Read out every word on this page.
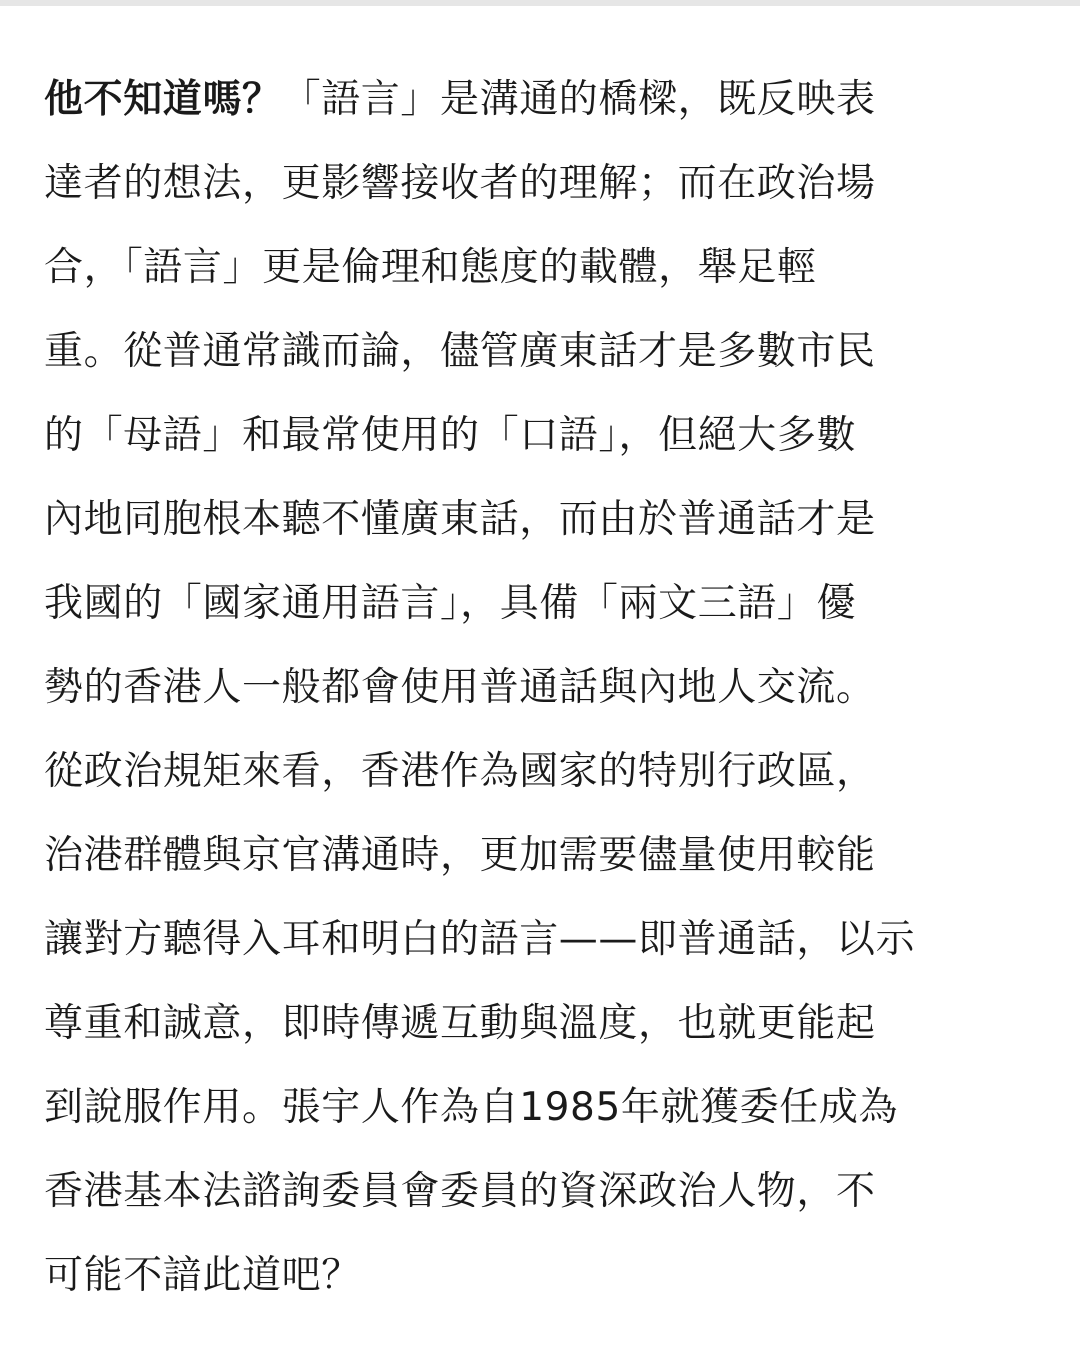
他不知道嗎？「語言」是溝通的橋樑，既反映表
達者的想法，更影響接收者的理解；而在政治場
合，「語言」更是倫理和態度的載體，舉足輕
重。從普通常識而論，儘管廣東話才是多數市民
的「母語」和最常使用的「口語」，但絕大多數
內地同胞根本聽不懂廣東話，而由於普通話才是
我國的「國家通用語言」，具備「兩文三語」優
勢的香港人一般都會使用普通話與內地人交流。
從政治規矩來看，香港作為國家的特別行政區，
治港群體與京官溝通時，更加需要儘量使用較能
讓對方聽得入耳和明白的語言——即普通話，以示
尊重和誠意，即時傳遞互動與溫度，也就更能起
到說服作用。張宇人作為自1985年就獲委任成為
香港基本法諮詢委員會委員的資深政治人物，不
可能不諳此道吧？
